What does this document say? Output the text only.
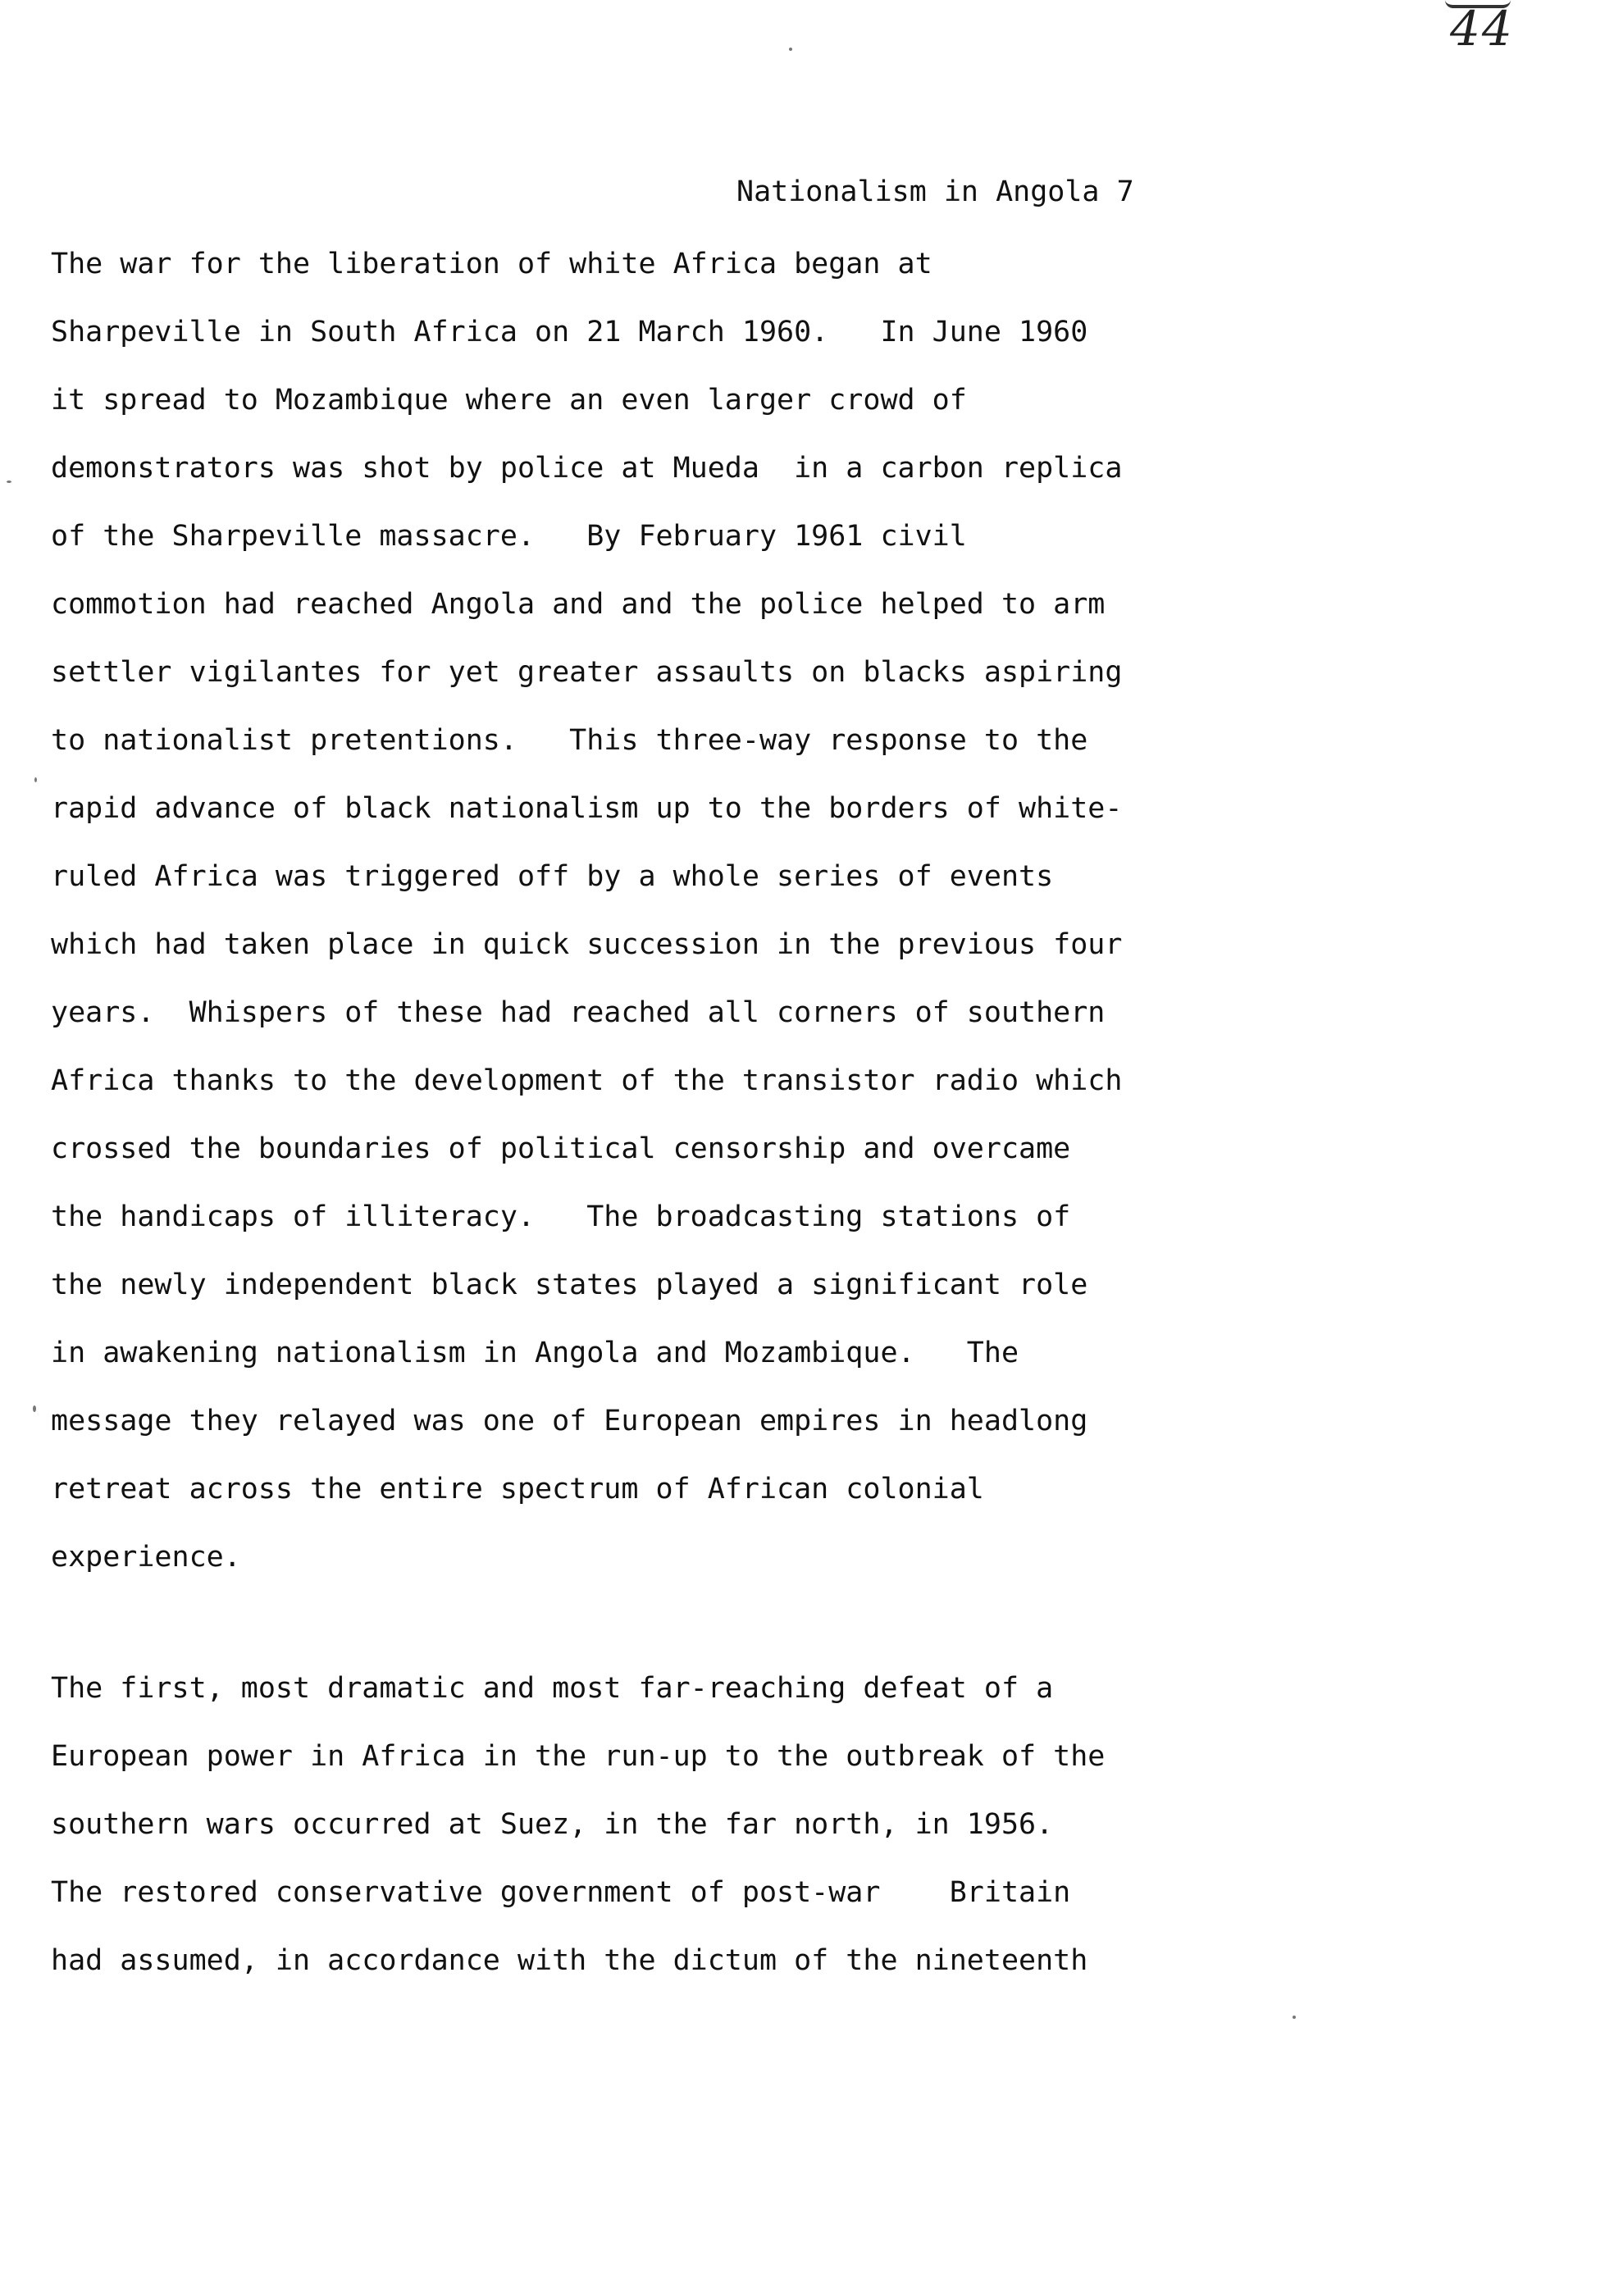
44
Nationalism in Angola 7
The war for the liberation of white Africa began at
Sharpeville in South Africa on 21 March 1960.   In June 1960
it spread to Mozambique where an even larger crowd of
demonstrators was shot by police at Mueda  in a carbon replica
of the Sharpeville massacre.   By February 1961 civil
commotion had reached Angola and and the police helped to arm
settler vigilantes for yet greater assaults on blacks aspiring
to nationalist pretentions.   This three-way response to the
rapid advance of black nationalism up to the borders of white-
ruled Africa was triggered off by a whole series of events
which had taken place in quick succession in the previous four
years.  Whispers of these had reached all corners of southern
Africa thanks to the development of the transistor radio which
crossed the boundaries of political censorship and overcame
the handicaps of illiteracy.   The broadcasting stations of
the newly independent black states played a significant role
in awakening nationalism in Angola and Mozambique.   The
message they relayed was one of European empires in headlong
retreat across the entire spectrum of African colonial
experience.
The first, most dramatic and most far-reaching defeat of a
European power in Africa in the run-up to the outbreak of the
southern wars occurred at Suez, in the far north, in 1956.
The restored conservative government of post-war    Britain
had assumed, in accordance with the dictum of the nineteenth
